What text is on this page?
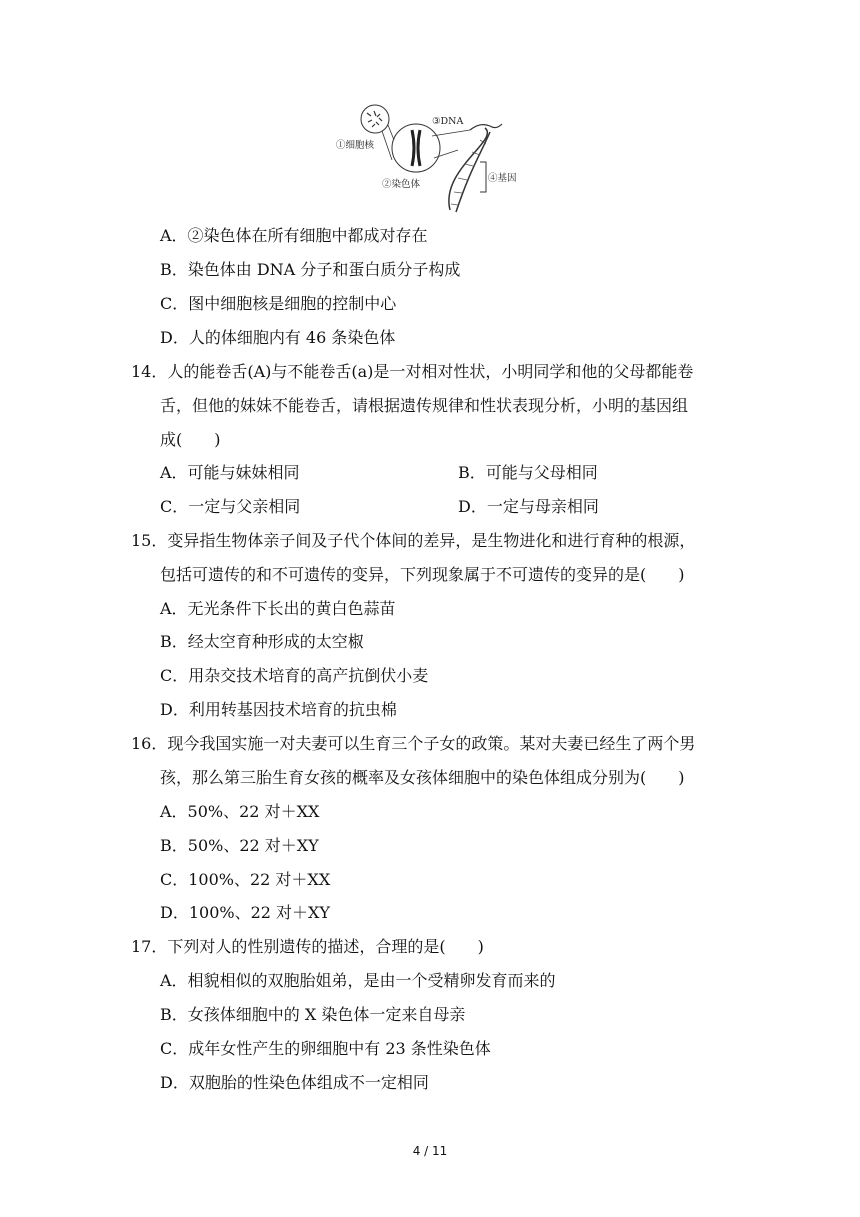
①细胞核
②染色体
③DNA
④基因
A．②染色体在所有细胞中都成对存在
B．染色体由 DNA 分子和蛋白质分子构成
C．图中细胞核是细胞的控制中心
D．人的体细胞内有 46 条染色体
14．人的能卷舌(A)与不能卷舌(a)是一对相对性状，小明同学和他的父母都能卷
舌，但他的妹妹不能卷舌，请根据遗传规律和性状表现分析，小明的基因组
成(　　)
A．可能与妹妹相同	B．可能与父母相同
C．一定与父亲相同	D．一定与母亲相同
15．变异指生物体亲子间及子代个体间的差异，是生物进化和进行育种的根源，
包括可遗传的和不可遗传的变异，下列现象属于不可遗传的变异的是(　　)
A．无光条件下长出的黄白色蒜苗
B．经太空育种形成的太空椒
C．用杂交技术培育的高产抗倒伏小麦
D．利用转基因技术培育的抗虫棉
16．现今我国实施一对夫妻可以生育三个子女的政策。某对夫妻已经生了两个男
孩，那么第三胎生育女孩的概率及女孩体细胞中的染色体组成分别为(　　)
A．50%、22 对＋XX
B．50%、22 对＋XY
C．100%、22 对＋XX
D．100%、22 对＋XY
17．下列对人的性别遗传的描述，合理的是(　　)
A．相貌相似的双胞胎姐弟，是由一个受精卵发育而来的
B．女孩体细胞中的 X 染色体一定来自母亲
C．成年女性产生的卵细胞中有 23 条性染色体
D．双胞胎的性染色体组成不一定相同
4 / 11
